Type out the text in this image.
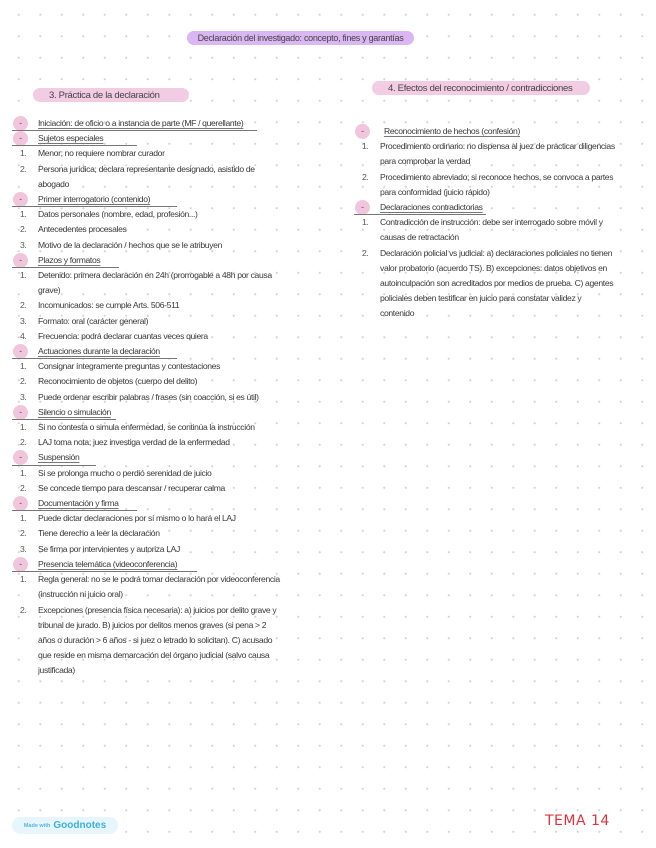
Declaración del investigado: concepto, fines y garantías
3. Práctica de la declaración
4. Efectos del reconocimiento / contradicciones
-	Iniciación: de oficio o a instancia de parte (MF / querellante)
-	Sujetos especiales
1.	Menor; no requiere nombrar curador
2.	Persona jurídica; declara representante designado, asistido de abogado
-	Primer interrogatorio (contenido)
1.	Datos personales (nombre, edad, profesión...)
2.	Antecedentes procesales
3.	Motivo de la declaración / hechos que se le atribuyen
-	Plazos y formatos
1.	Detenido: primera declaración en 24h (prorrogable a 48h por causa grave)
2.	Incomunicados: se cumple Arts. 506-511
3.	Formato: oral (carácter general)
4.	Frecuencia: podrá declarar cuantas veces quiera
-	Actuaciones durante la declaración
1.	Consignar íntegramente preguntas y contestaciones
2.	Reconocimiento de objetos (cuerpo del delito)
3.	Puede ordenar escribir palabras / frases (sin coacción, si es útil)
-	Silencio o simulación
1.	Si no contesta o simula enfermedad, se continúa la instrucción
2.	LAJ toma nota; juez investiga verdad de la enfermedad
-	Suspensión
1.	Si se prolonga mucho o perdió serenidad de juicio
2.	Se concede tiempo para descansar / recuperar calma
-	Documentación y firma
1.	Puede dictar declaraciones por sí mismo o lo hará el LAJ
2.	Tiene derecho a leer la declaración
3.	Se firma por intervinientes y autoriza LAJ
-	Presencia telemática (videoconferencia)
1.	Regla general: no se le podrá tomar declaración por videoconferencia (instrucción ni juicio oral)
2.	Excepciones (presencia física necesaria): a) juicios por delito grave y tribunal de jurado. B) juicios por delitos menos graves (si pena > 2 años o duración > 6 años - si juez o letrado lo solicitan). C) acusado que reside en misma demarcación del órgano judicial (salvo causa justificada)
-	Reconocimiento de hechos (confesión)
1.	Procedimiento ordinario: no dispensa al juez de practicar diligencias para comprobar la verdad
2.	Procedimiento abreviado; si reconoce hechos, se convoca a partes para conformidad (juicio rápido)
-	Declaraciones contradictorias
1.	Contradicción de instrucción: debe ser interrogado sobre móvil y causas de retractación
2.	Declaración policial vs judicial: a) declaraciones policiales no tienen valor probatorio (acuerdo TS). B) excepciones: datos objetivos en autoinculpación son acreditados por medios de prueba. C) agentes policiales deben testificar en juicio para constatar validez y contenido
Made with Goodnotes	TEMA 14
